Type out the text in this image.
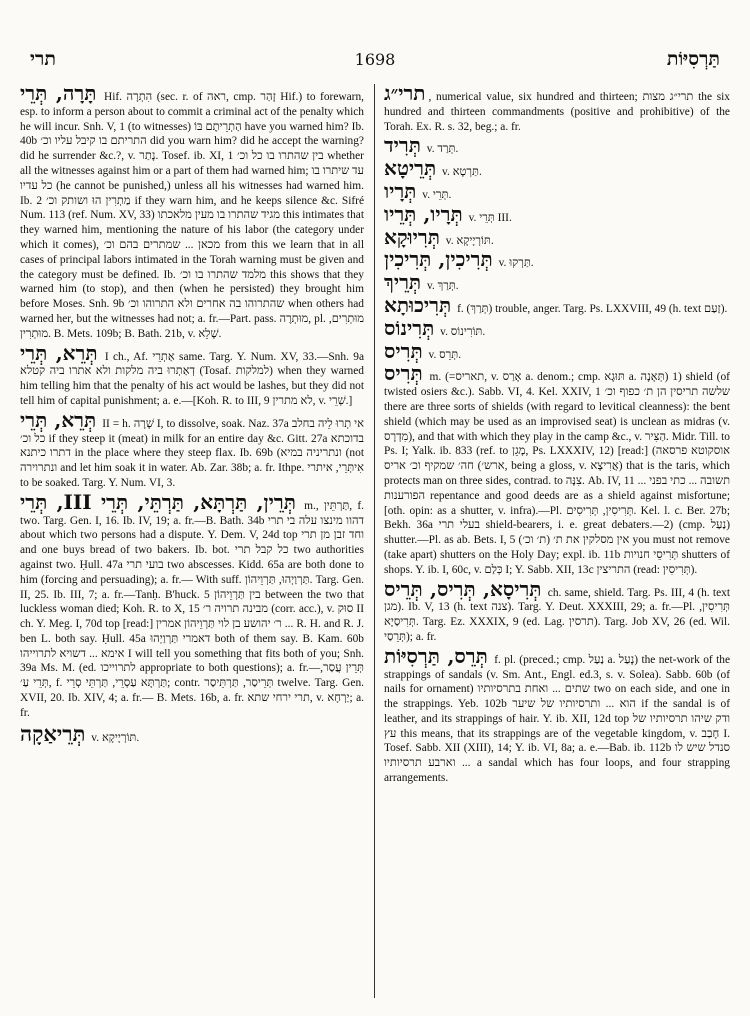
תרי	1698	תַּרְסִיּוֹת

תָּרָה, תְּרֵי Hif. הִתְרָה (sec. r. of ראה, cmp. זָהַר Hif.) to forewarn, esp. to inform a person about to commit a criminal act of the penalty which he will incur. Snh. V, 1 (to witnesses) הַתְרֵיתֶם בּוֹ have you warned him? Ib. 40b התריתם בו קיבל עליו וכ׳ did you warn him? did he accept the warning? did he surrender &c.?, v. נָתַר. Tosef. ib. XI, 1 בין שהתרו בו כל וכ׳ whether all the witnesses against him or a part of them had warned him; עד שיתרו בו כל עדיו (he cannot be punished,) unless all his witnesses had warned him. Ib. 2 מַתְרִין הוּ ושותק וכ׳ if they warn him, and he keeps silence &c. Sifré Num. 113 (ref. Num. XV, 33) מגיד שהתרו בו מעין מלאכתו this intimates that they warned him, mentioning the nature of his labor (the category under which it comes), מכאן ... שמתרים בהם וכ׳ from this we learn that in all cases of principal labors intimated in the Torah warning must be given and the category must be defined. Ib. מלמד שהתרו בו וכ׳ this shows that they warned him (to stop), and then (when he persisted) they brought him before Moses. Snh. 9b שהתרוהו בה אחרים ולא התרוהו וכ׳ when others had warned her, but the witnesses had not; a. fr.—Part. pass. מוּתְרֶה, pl. מוּתְרִים, מוּתְרִין. B. Mets. 109b; B. Bath. 21b, v. שָׁלֵא.

תְּרֵא, תְּרֵי I ch., Af. אַתְרֵי same. Targ. Y. Num. XV, 33.—Snh. 9a דְאַתְרוּ ביה מלקות ולא אתרו ביה קטלא (Tosaf. למלקות) when they warned him telling him that the penalty of his act would be lashes, but they did not tell him of capital punishment; a. e.—[Koh. R. to III, 9 לא מתרין, v. שְׁרֵי.]

תְּרֵא, תְּרֵי II = h. שָׁרָה I, to dissolve, soak. Naz. 37a אי תְרוּ לֵיה בחלב כל וכ׳ if they steep it (meat) in milk for an entire day &c. Gitt. 27a בדוכתא דתרו כיתנא in the place where they steep flax. Ib. 69b (ונתריניה במיא (not ונתרוירה and let him soak it in water. Ab. Zar. 38b; a. fr. Ithpe. אִיתְּרֵי, איתרי to be soaked. Targ. Y. Num. VI, 3.

תְּרֵין, תַּרְתָּא, תַּרְתֵּי, תְּרֵי III, תְּרֵי m., תַּרְתֵּין, f. two. Targ. Gen. I, 16. Ib. IV, 19; a. fr.—B. Bath. 34b דהוו מינצו עלה בי תרי about which two persons had a dispute. Y. Dem. V, 24d top וחד זבן מן תרי and one buys bread of two bakers. Ib. bot. כל קבל תרי two authorities against two. Ḥull. 47a בועי תרי two abscesses. Kidd. 65a are both done to him (forcing and persuading); a. fr.— With suff. תַּרְוַיְהוּ, תַּרְוֵיהוֹן. Targ. Gen. II, 25. Ib. III, 7; a. fr.—Tanḥ. B'huck. 5 בין תַּרְוֵיהוֹן between the two that luckless woman died; Koh. R. to X, 15 מבינה תרויה ר׳ (corr. acc.), v. סוּק II ch. Y. Meg. I, 70d top [read:] ר׳ יהושע בן לוי תַּרְוֵיהוֹן אמרין ... R. H. and R. J. ben L. both say. Ḥull. 45a דאמרי תַּרְוַיְהוּ both of them say. B. Kam. 60b אימא ... דשויא לתרוייהו I will tell you something that fits both of you; Snh. 39a Ms. M. (ed. לתרוייכו appropriate to both questions); a. fr.—תְּרֵין עֲסַר, תְּרֵי עַ׳, f. תַּרְתָּא עַסְרֵי, תַּרְתֵּי סְרֵי; contr. תְּרֵיסַר, תַּרְתֵּיסַר twelve. Targ. Gen. XVII, 20. Ib. XIV, 4; a. fr.— B. Mets. 16b, a. fr. תרי ירחי שתא, v. יַרְחָא; a. fr.

תְּרֵיאַקָה v. תּוֹרְיָיקָא.

תרי״ג , numerical value, six hundred and thirteen; תרי״ג מצות the six hundred and thirteen commandments (positive and prohibitive) of the Torah. Ex. R. s. 32, beg.; a. fr.

תְּרִיד v. תְּרַד.

תְּרֵיטָא v. תַּרְטָא.

תְּרָיו v. תְּרֵי.

תְּרָיו, תְּרֵיו v. תְּרֵי III.

תְּרִיוּקָא v. תּוֹרְיָיקָא.

תְּרִיכִין, תְּרִיכִין v. תַּרְקוּ.

תְּרֵיךְ v. תְּרַךְ.

תְּרִיכוּתָא f. (תְּרַךְ) trouble, anger. Targ. Ps. LXXVIII, 49 (h. text זַעַם).

תְּרִינוֹס v. תּוֹרִינוֹס.

תְּרִיס v. תְּרֵס.

תְּרִיס m. (=תאריס, v. אָרַס a. denom.; cmp. תּוּגָא a. תְּאָנָה) 1) shield (of twisted osiers &c.). Sabb. VI, 4. Kel. XXIV, 1 שלשה תריסין הן ת׳ כפוף וכ׳ there are three sorts of shields (with regard to levitical cleanness): the bent shield (which may be used as an improvised seat) is unclean as midras (v. מִדְרָס), and that with which they play in the camp &c., v. הַצִּיר. Midr. Till. to Ps. I; Yalk. ib. 833 (ref. to מָגֵן, Ps. LXXXIV, 12) [read:] אוסקוטא פרסאה) חה׳ שמקיף וכ׳ אריס (ארש׳, being a gloss, v. אֲרִיצָא) that is the taris, which protects man on three sides, contrad. to צִנָּה. Ab. IV, 11 ... תשובה ... כתי בפני הפורענות repentance and good deeds are as a shield against misfortune; [oth. opin: as a shutter, v. infra).—Pl. תְּרִיסִין, תְּרִיסִים. Kel. l. c. Ber. 27b; Bekh. 36a בעלי תרי shield-bearers, i. e. great debaters.—2) (cmp. נַעַל) shutter.—Pl. as ab. Bets. I, 5 (ת׳ וכ׳) אין מסלקין את ת׳ you must not remove (take apart) shutters on the Holy Day; expl. ib. 11b תְּרִיסֵי חנויות shutters of shops. Y. ib. I, 60c, v. כְּלַם I; Y. Sabb. XII, 13c התריצין (read: תְּרִיסִין).

תְּרִיסָא, תְּרִיס, תְּרֵיס ch. same, shield. Targ. Ps. III, 4 (h. text מגן). Ib. V, 13 (h. text צנה). Targ. Y. Deut. XXXIII, 29; a. fr.—Pl. תְּרִיסִין, תְּרִיסַיָא. Targ. Ez. XXXIX, 9 (ed. Lag. תרסין). Targ. Job XV, 26 (ed. Wil. תְּרֵסַי); a. fr.

תְּרֵס, תַּרְסִיּוֹת f. pl. (preced.; cmp. נַעַל a. נָעַל) the net-work of the strappings of sandals (v. Sm. Ant., Engl. ed.3, s. v. Solea). Sabb. 60b (of nails for ornament) שתים ... ואחת בתרסיותיו two on each side, and one in the strappings. Yeb. 102b הוא ... ותרסיותיו של שיער if the sandal is of leather, and its strappings of hair. Y. ib. XII, 12d top ודק שיהו תרסיותיו של עץ this means, that its strappings are of the vegetable kingdom, v. חָבַב I. Tosef. Sabb. XII (XIII), 14; Y. ib. VI, 8a; a. e.—Bab. ib. 112b סנדל שיש לו ... וארבע תרסיותיו a sandal which has four loops, and four strapping arrangements.
